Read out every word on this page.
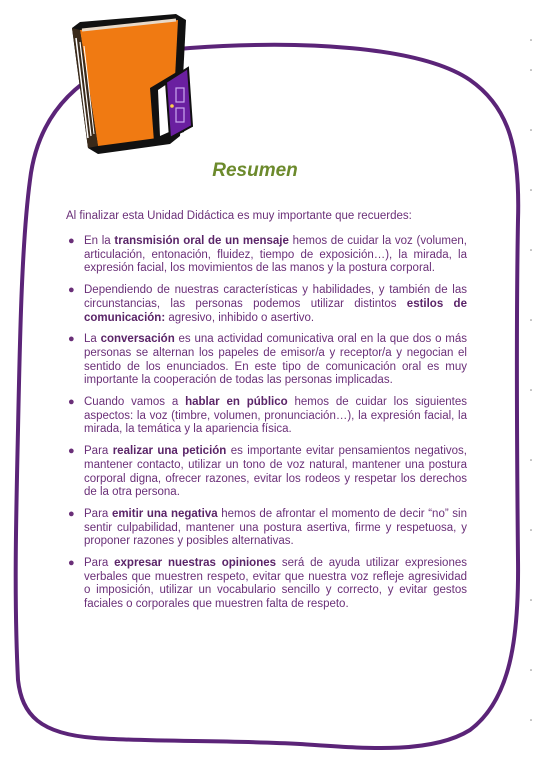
Resumen
Al finalizar esta Unidad Didáctica es muy importante que recuerdes:
● En la transmisión oral de un mensaje hemos de cuidar la voz (volumen, articulación, entonación, fluidez, tiempo de exposición…), la mirada, la expresión facial, los movimientos de las manos y la postura corporal.
● Dependiendo de nuestras características y habilidades, y también de las circunstancias, las personas podemos utilizar distintos estilos de comunicación: agresivo, inhibido o asertivo.
● La conversación es una actividad comunicativa oral en la que dos o más personas se alternan los papeles de emisor/a y receptor/a y negocian el sentido de los enunciados. En este tipo de comunicación oral es muy importante la cooperación de todas las personas implicadas.
● Cuando vamos a hablar en público hemos de cuidar los siguientes aspectos: la voz (timbre, volumen, pronunciación…), la expresión facial, la mirada, la temática y la apariencia física.
● Para realizar una petición es importante evitar pensamientos negativos, mantener contacto, utilizar un tono de voz natural, mantener una postura corporal digna, ofrecer razones, evitar los rodeos y respetar los derechos de la otra persona.
● Para emitir una negativa hemos de afrontar el momento de decir “no” sin sentir culpabilidad, mantener una postura asertiva, firme y respetuosa, y proponer razones y posibles alternativas.
● Para expresar nuestras opiniones será de ayuda utilizar expresiones verbales que muestren respeto, evitar que nuestra voz refleje agresividad o imposición, utilizar un vocabulario sencillo y correcto, y evitar gestos faciales o corporales que muestren falta de respeto.
